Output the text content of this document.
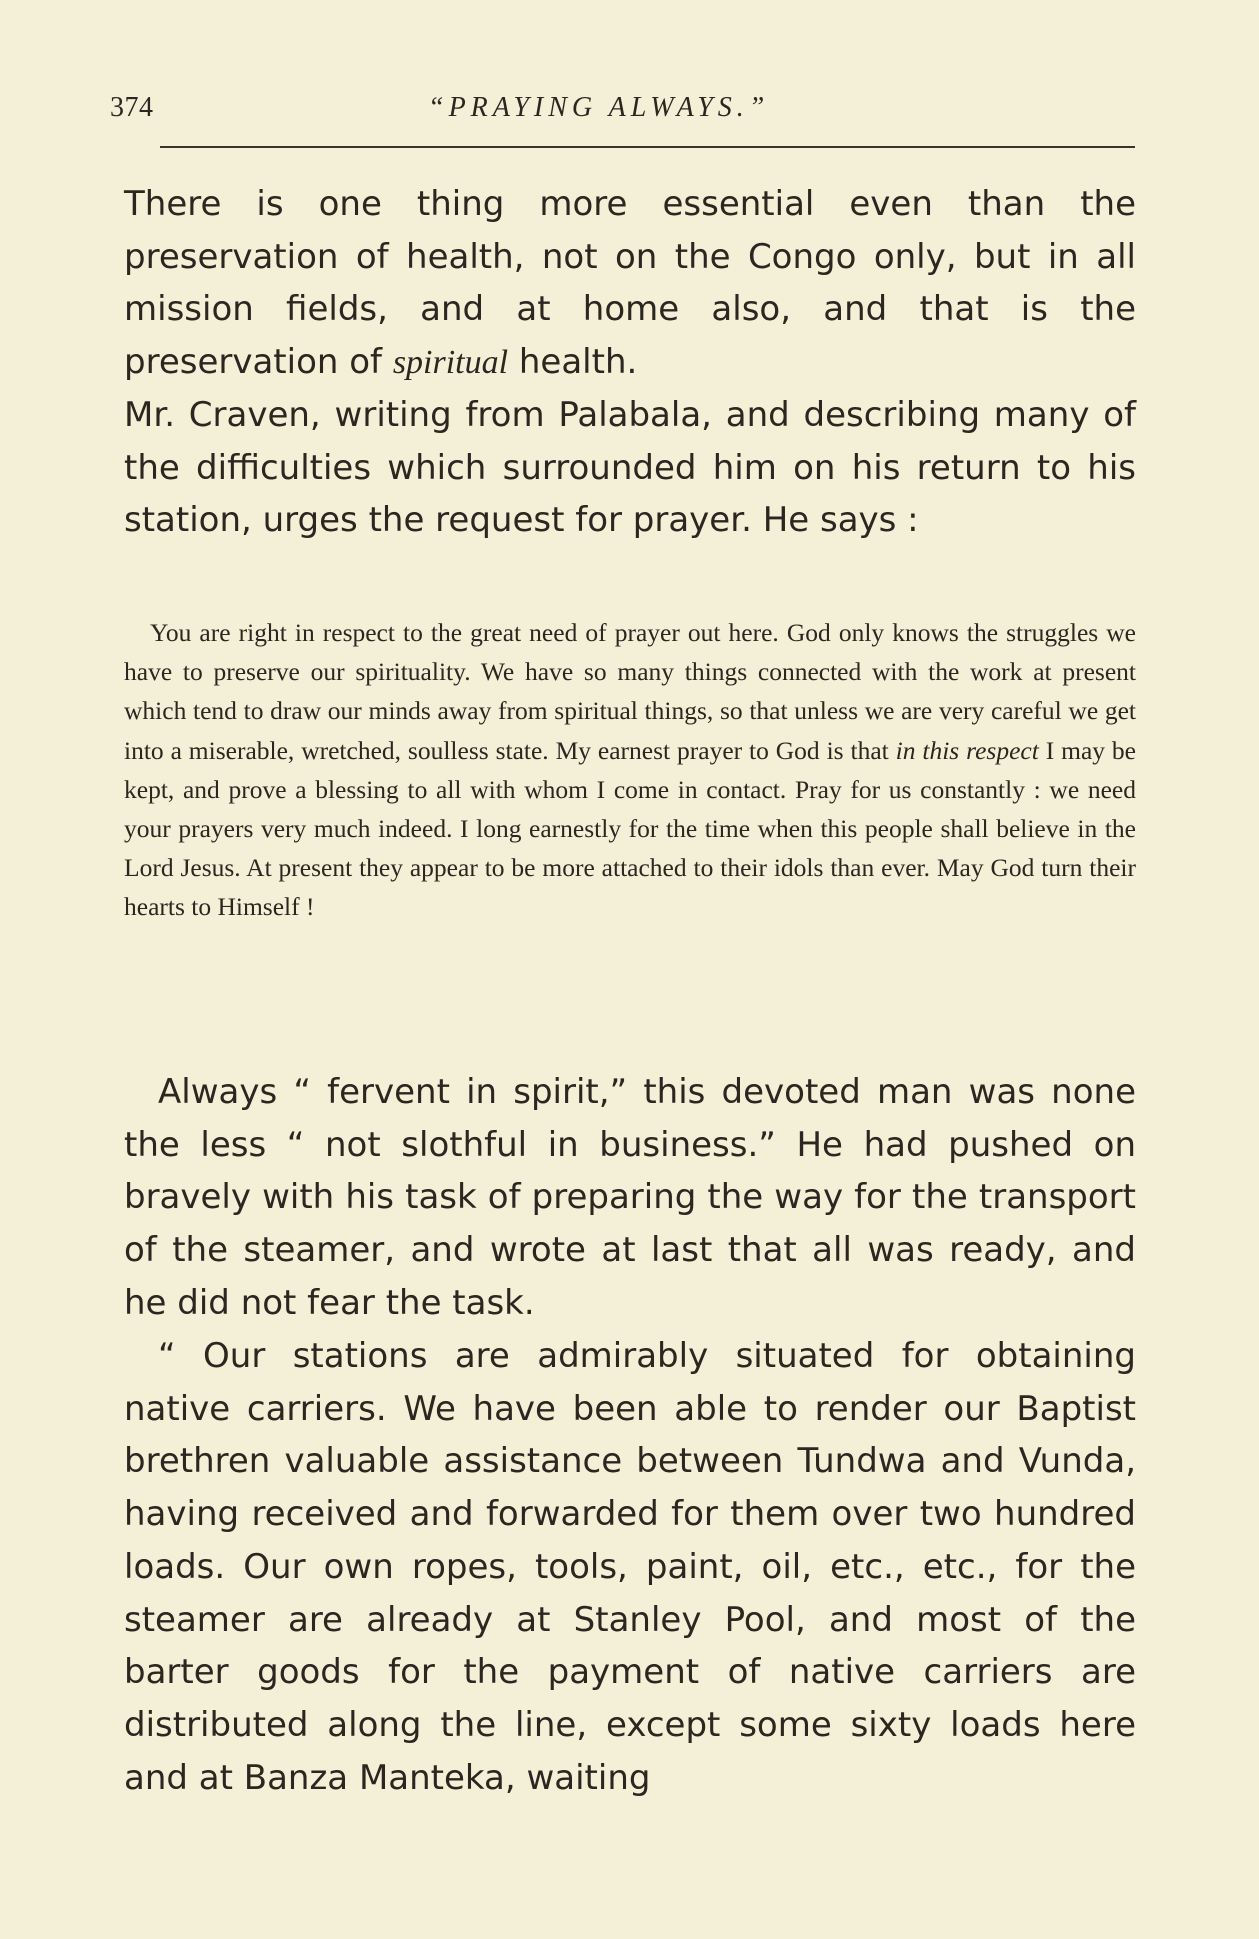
374	“PRAYING ALWAYS.”

There is one thing more essential even than the preservation of health, not on the Congo only, but in all mission fields, and at home also, and that is the preservation of spiritual health.

Mr. Craven, writing from Palabala, and describing many of the difficulties which surrounded him on his return to his station, urges the request for prayer. He says :

You are right in respect to the great need of prayer out here. God only knows the struggles we have to preserve our spirituality. We have so many things connected with the work at present which tend to draw our minds away from spiritual things, so that unless we are very careful we get into a miserable, wretched, soulless state. My earnest prayer to God is that in this respect I may be kept, and prove a blessing to all with whom I come in contact. Pray for us constantly : we need your prayers very much indeed. I long earnestly for the time when this people shall believe in the Lord Jesus. At present they appear to be more attached to their idols than ever. May God turn their hearts to Himself !

Always “ fervent in spirit,” this devoted man was none the less “ not slothful in business.” He had pushed on bravely with his task of preparing the way for the transport of the steamer, and wrote at last that all was ready, and he did not fear the task.

“ Our stations are admirably situated for obtaining native carriers. We have been able to render our Baptist brethren valuable assistance between Tundwa and Vunda, having received and forwarded for them over two hundred loads. Our own ropes, tools, paint, oil, etc., etc., for the steamer are already at Stanley Pool, and most of the barter goods for the payment of native carriers are distributed along the line, except some sixty loads here and at Banza Manteka, waiting
